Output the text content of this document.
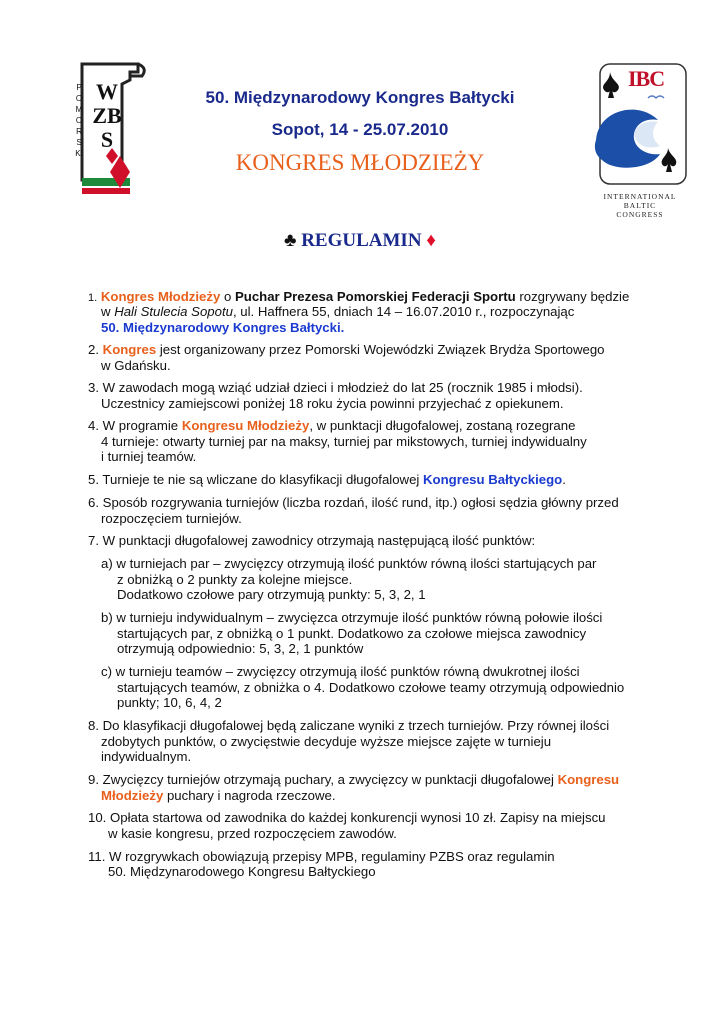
WZBS
POMORSKI
IBC
INTERNATIONAL
BALTIC
CONGRESS
50. Międzynarodowy Kongres Bałtycki
Sopot, 14 - 25.07.2010
KONGRES MŁODZIEŻY
♣ REGULAMIN ♦
1. Kongres Młodzieży o Puchar Prezesa Pomorskiej Federacji Sportu rozgrywany będzie
w Hali Stulecia Sopotu, ul. Haffnera 55, dniach 14 – 16.07.2010 r., rozpoczynając
50. Międzynarodowy Kongres Bałtycki.
2. Kongres jest organizowany przez Pomorski Wojewódzki Związek Brydża Sportowego
w Gdańsku.
3. W zawodach mogą wziąć udział dzieci i młodzież do lat 25 (rocznik 1985 i młodsi).
Uczestnicy zamiejscowi poniżej 18 roku życia powinni przyjechać z opiekunem.
4. W programie Kongresu Młodzieży, w punktacji długofalowej, zostaną rozegrane
4 turnieje: otwarty turniej par na maksy, turniej par mikstowych, turniej indywidualny
i turniej teamów.
5. Turnieje te nie są wliczane do klasyfikacji długofalowej Kongresu Bałtyckiego.
6. Sposób rozgrywania turniejów (liczba rozdań, ilość rund, itp.) ogłosi sędzia główny przed
rozpoczęciem turniejów.
7. W punktacji długofalowej zawodnicy otrzymają następującą ilość punktów:
a) w turniejach par – zwycięzcy otrzymują ilość punktów równą ilości startujących par
z obniżką o 2 punkty za kolejne miejsce.
Dodatkowo czołowe pary otrzymują punkty: 5, 3, 2, 1
b) w turnieju indywidualnym – zwycięzca otrzymuje ilość punktów równą połowie ilości
startujących par, z obniżką o 1 punkt. Dodatkowo za czołowe miejsca zawodnicy
otrzymują odpowiednio: 5, 3, 2, 1 punktów
c) w turnieju teamów – zwycięzcy otrzymują ilość punktów równą dwukrotnej ilości
startujących teamów, z obniżka o 4. Dodatkowo czołowe teamy otrzymują odpowiednio
punkty; 10, 6, 4, 2
8. Do klasyfikacji długofalowej będą zaliczane wyniki z trzech turniejów. Przy równej ilości
zdobytych punktów, o zwycięstwie decyduje wyższe miejsce zajęte w turnieju
indywidualnym.
9. Zwycięzcy turniejów otrzymają puchary, a zwycięzcy w punktacji długofalowej Kongresu
Młodzieży puchary i nagroda rzeczowe.
10. Opłata startowa od zawodnika do każdej konkurencji wynosi 10 zł. Zapisy na miejscu
w kasie kongresu, przed rozpoczęciem zawodów.
11. W rozgrywkach obowiązują przepisy MPB, regulaminy PZBS oraz regulamin
50. Międzynarodowego Kongresu Bałtyckiego
